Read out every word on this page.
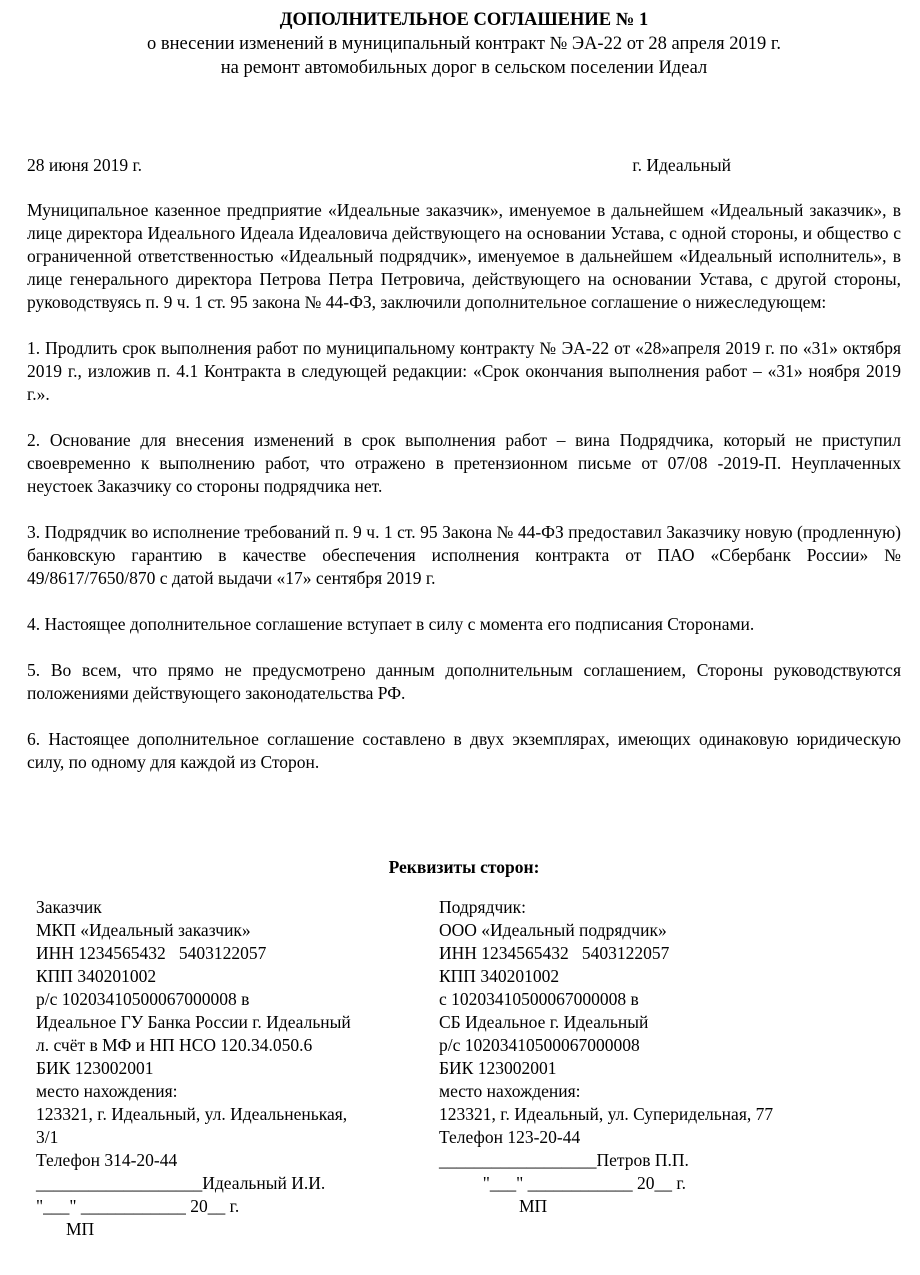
ДОПОЛНИТЕЛЬНОЕ СОГЛАШЕНИЕ № 1

о внесении изменений в муниципальный контракт № ЭА-22 от 28 апреля 2019 г.

на ремонт автомобильных дорог в сельском поселении Идеал

28 июня 2019 г.	г. Идеальный

Муниципальное казенное предприятие «Идеальные заказчик», именуемое в дальнейшем «Идеальный заказчик», в лице директора Идеального Идеала Идеаловича действующего на основании Устава, с одной стороны, и общество с ограниченной ответственностью «Идеальный подрядчик», именуемое в дальнейшем «Идеальный исполнитель», в лице генерального директора Петрова Петра Петровича, действующего на основании Устава, с другой стороны, руководствуясь п. 9 ч. 1 ст. 95 закона № 44-ФЗ, заключили дополнительное соглашение о нижеследующем:

1. Продлить срок выполнения работ по муниципальному контракту № ЭА-22 от «28»апреля 2019 г. по «31» октября 2019 г., изложив п. 4.1 Контракта в следующей редакции: «Срок окончания выполнения работ – «31» ноября 2019 г.».

2. Основание для внесения изменений в срок выполнения работ – вина Подрядчика, который не приступил своевременно к выполнению работ, что отражено в претензионном письме от 07/08 -2019-П. Неуплаченных неустоек Заказчику со стороны подрядчика нет.

3. Подрядчик во исполнение требований п. 9 ч. 1 ст. 95 Закона № 44-ФЗ предоставил Заказчику новую (продленную) банковскую гарантию в качестве обеспечения исполнения контракта от ПАО «Сбербанк России» № 49/8617/7650/870 с датой выдачи «17» сентября 2019 г.

4. Настоящее дополнительное соглашение вступает в силу с момента его подписания Сторонами.

5. Во всем, что прямо не предусмотрено данным дополнительным соглашением, Стороны руководствуются положениями действующего законодательства РФ.

6. Настоящее дополнительное соглашение составлено в двух экземплярах, имеющих одинаковую юридическую силу, по одному для каждой из Сторон.

Реквизиты сторон:
Заказчик
МКП «Идеальный заказчик»
ИНН 1234565432   5403122057
КПП 340201002
р/с 10203410500067000008 в
Идеальное ГУ Банка России г. Идеальный
л. счёт в МФ и НП НСО 120.34.050.6
БИК 123002001
место нахождения:
123321, г. Идеальный, ул. Идеальненькая,
3/1
Телефон 314-20-44
___________________Идеальный И.И.
"___" ____________ 20__ г.
МП
Подрядчик:
ООО «Идеальный подрядчик»
ИНН 1234565432   5403122057
КПП 340201002
с 10203410500067000008 в
СБ Идеальное г. Идеальный
р/с 10203410500067000008
БИК 123002001
место нахождения:
123321, г. Идеальный, ул. Суперидельная, 77
Телефон 123-20-44
__________________Петров П.П.
"___" ____________ 20__ г.
МП
